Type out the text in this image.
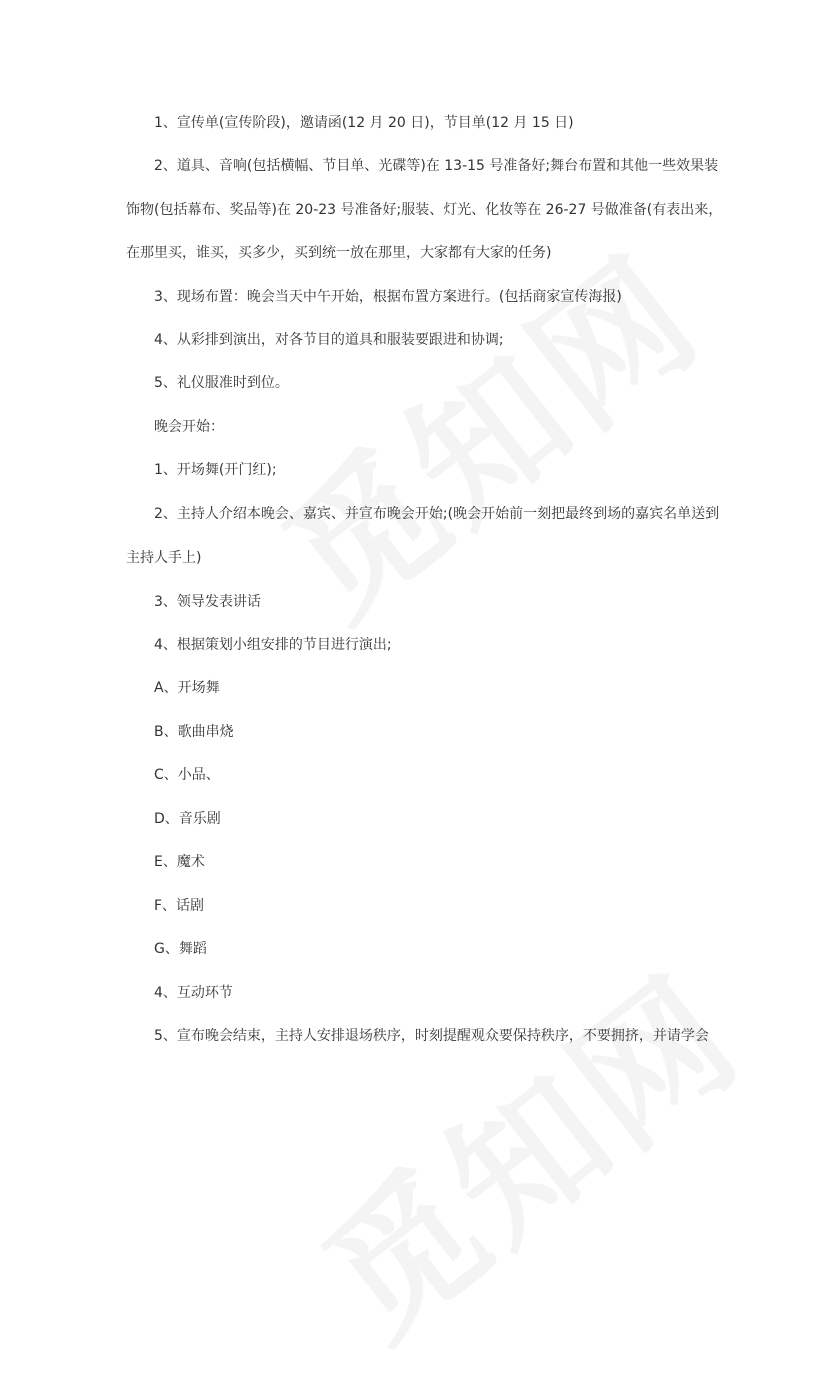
1、宣传单(宣传阶段)，邀请函(12 月 20 日)，节目单(12 月 15 日)
2、道具、音响(包括横幅、节目单、光碟等)在 13-15 号准备好;舞台布置和其他一些效果装
饰物(包括幕布、奖品等)在 20-23 号准备好;服装、灯光、化妆等在 26-27 号做准备(有表出来，
在那里买，谁买，买多少，买到统一放在那里，大家都有大家的任务)
3、现场布置：晚会当天中午开始，根据布置方案进行。(包括商家宣传海报)
4、从彩排到演出，对各节目的道具和服装要跟进和协调;
5、礼仪服准时到位。
晚会开始：
1、开场舞(开门红);
2、主持人介绍本晚会、嘉宾、并宣布晚会开始;(晚会开始前一刻把最终到场的嘉宾名单送到
主持人手上)
3、领导发表讲话
4、根据策划小组安排的节目进行演出;
A、开场舞
B、歌曲串烧
C、小品、
D、音乐剧
E、魔术
F、话剧
G、舞蹈
4、互动环节
5、宣布晚会结束，主持人安排退场秩序，时刻提醒观众要保持秩序，不要拥挤，并请学会
